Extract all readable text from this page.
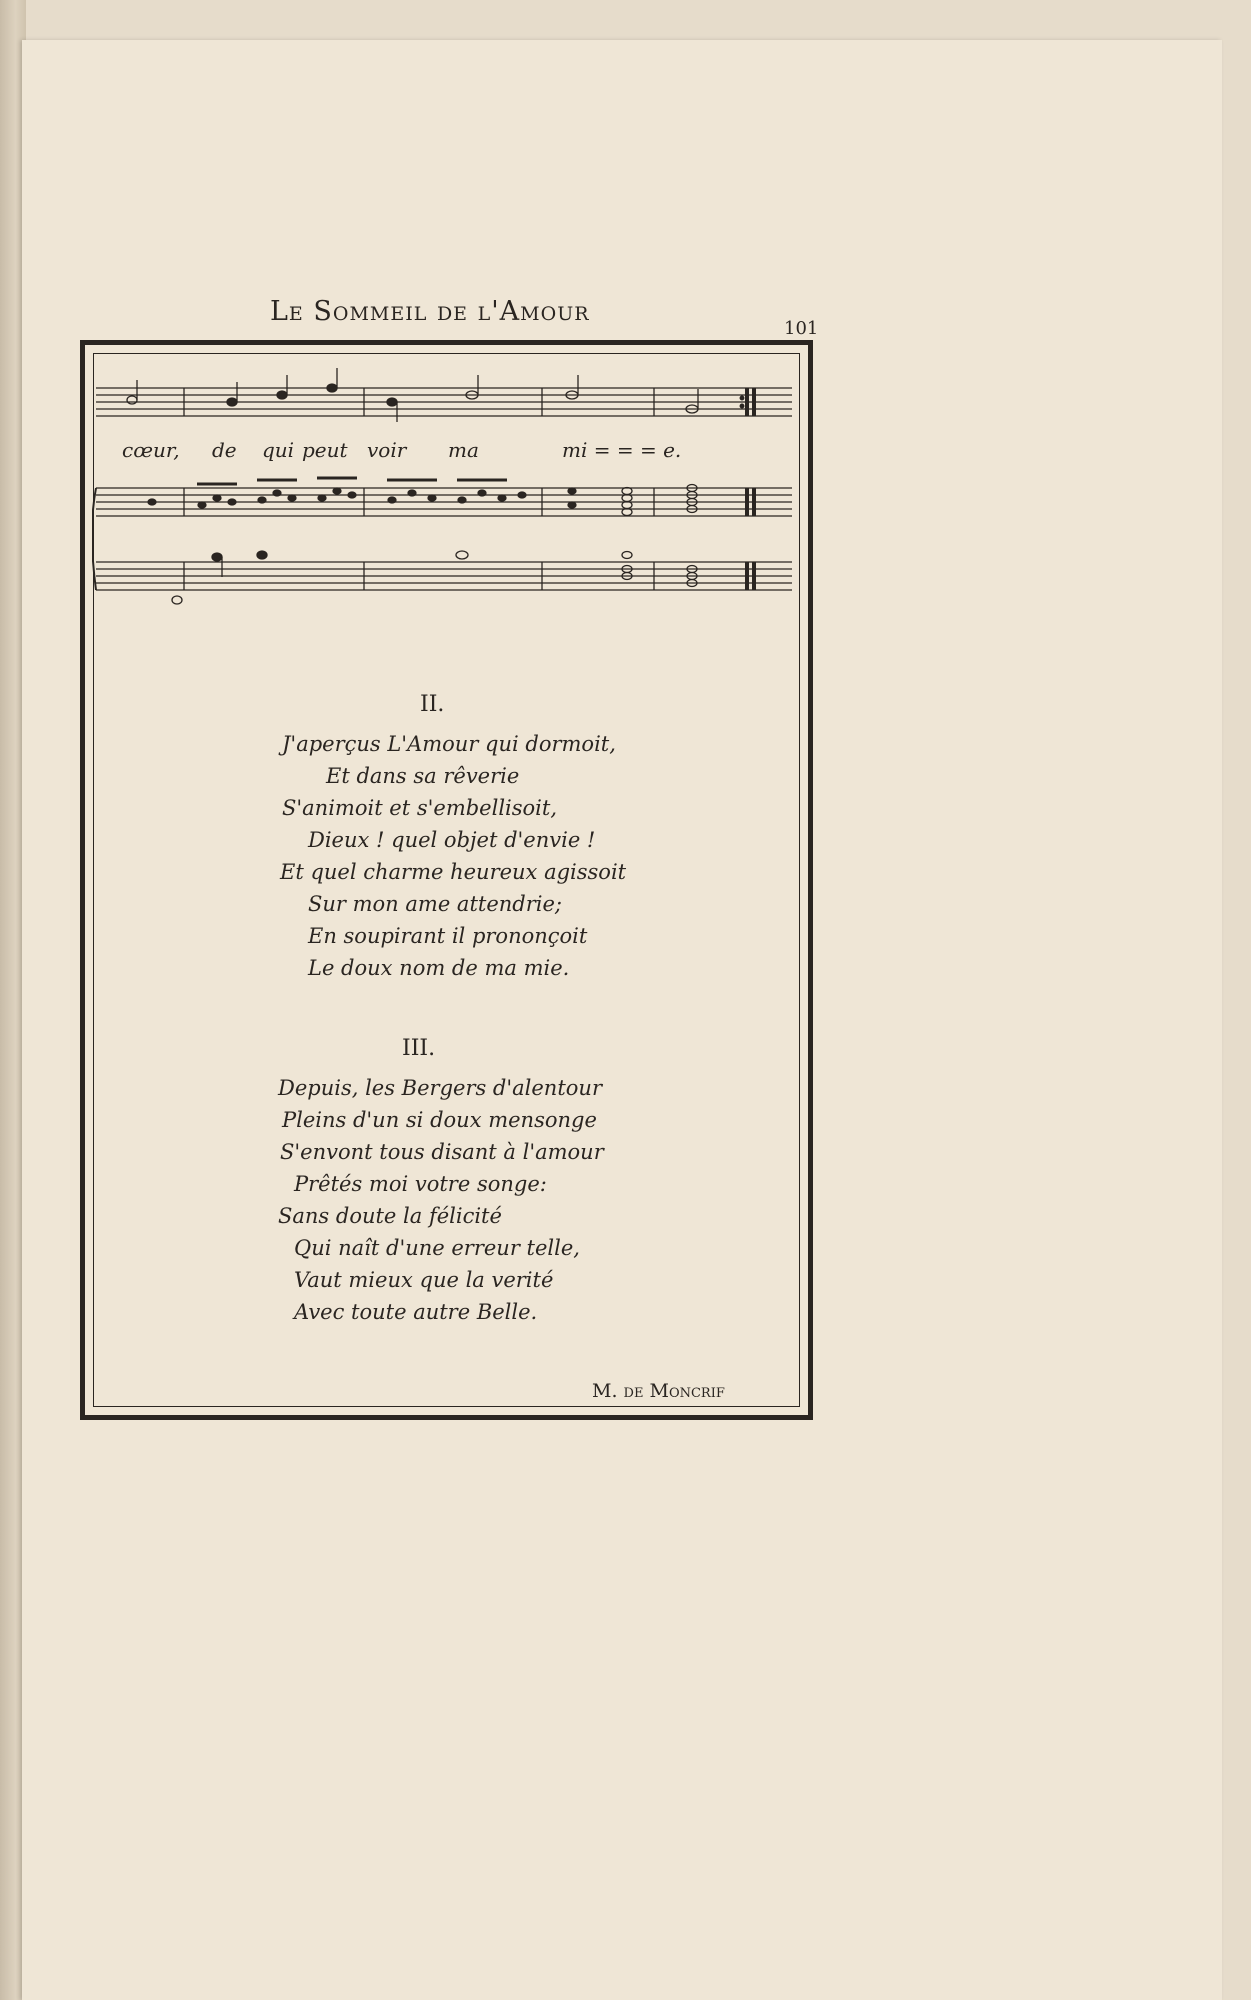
Le Sommeil de l'Amour
101
cœur, de qui peut voir ma	mi = = = e.
II.
J'aperçus L'Amour qui dormoit,
Et dans sa rêverie
S'animoit et s'embellisoit,
Dieux ! quel objet d'envie !
Et quel charme heureux agissoit
Sur mon ame attendrie;
En soupirant il prononçoit
Le doux nom de ma mie.
III.
Depuis, les Bergers d'alentour
Pleins d'un si doux mensonge
S'envont tous disant à l'amour
Prêtés moi votre songe:
Sans doute la félicité
Qui naît d'une erreur telle,
Vaut mieux que la verité
Avec toute autre Belle.
M. de Moncrif
